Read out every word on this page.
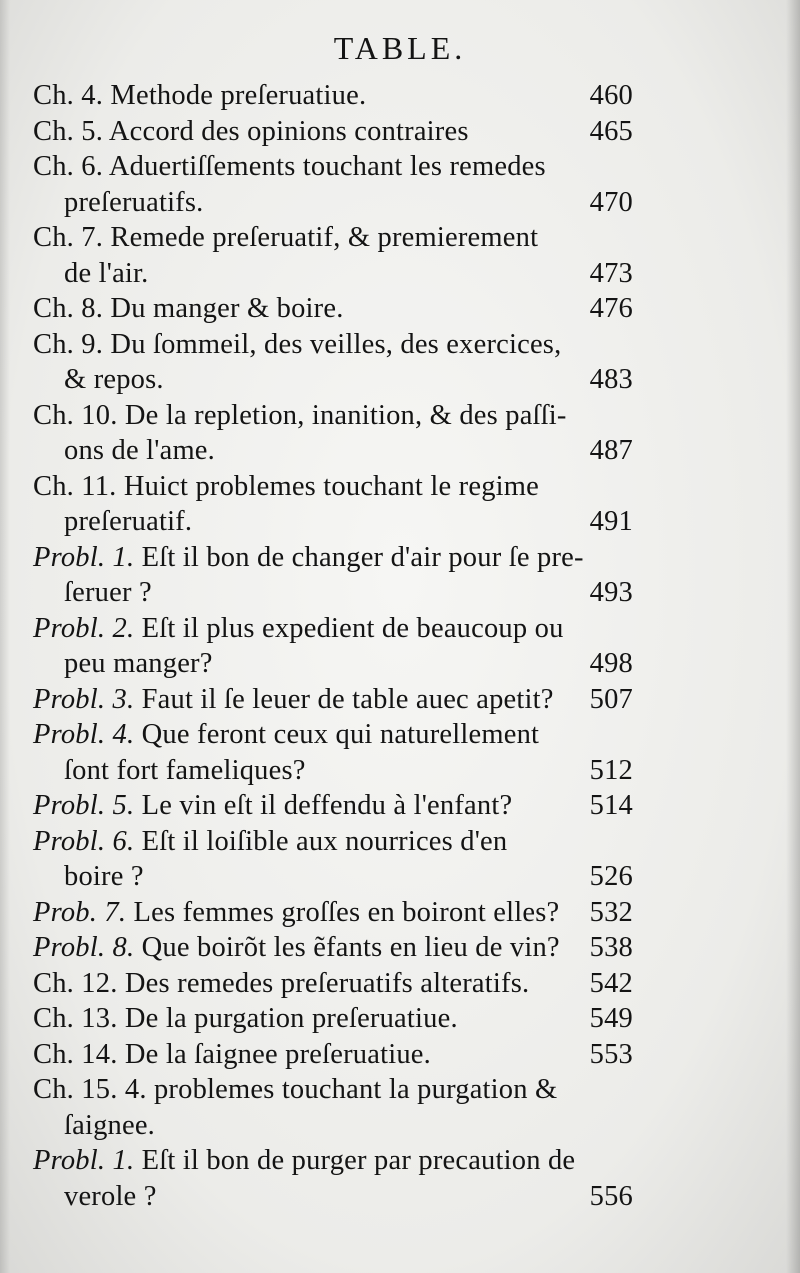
TABLE.
Ch. 4. Methode preſeruatiue.	460
Ch. 5. Accord des opinions contraires	465
Ch. 6. Aduertiſſements touchant les remedes
preſeruatifs.	470
Ch. 7. Remede preſeruatif, & premierement
de l'air.	473
Ch. 8. Du manger & boire.	476
Ch. 9. Du ſommeil, des veilles, des exercices,
& repos.	483
Ch. 10. De la repletion, inanition, & des paſſi-
ons de l'ame.	487
Ch. 11. Huict problemes touchant le regime
preſeruatif.	491
Probl. 1. Eſt il bon de changer d'air pour ſe pre-
ſeruer ?	493
Probl. 2. Eſt il plus expedient de beaucoup ou
peu manger?	498
Probl. 3. Faut il ſe leuer de table auec apetit? 507
Probl. 4. Que feront ceux qui naturellement
ſont fort fameliques?	512
Probl. 5. Le vin eſt il deffendu à l'enfant?	514
Probl. 6. Eſt il loiſible aux nourrices d'en
boire ?	526
Prob. 7. Les femmes groſſes en boiront elles? 532
Probl. 8. Que boirõt les ẽfants en lieu de vin? 538
Ch. 12. Des remedes preſeruatifs alteratifs. 542
Ch. 13. De la purgation preſeruatiue.	549
Ch. 14. De la ſaignee preſeruatiue.	553
Ch. 15. 4. problemes touchant la purgation &
ſaignee.
Probl. 1. Eſt il bon de purger par precaution de
verole ?	556
